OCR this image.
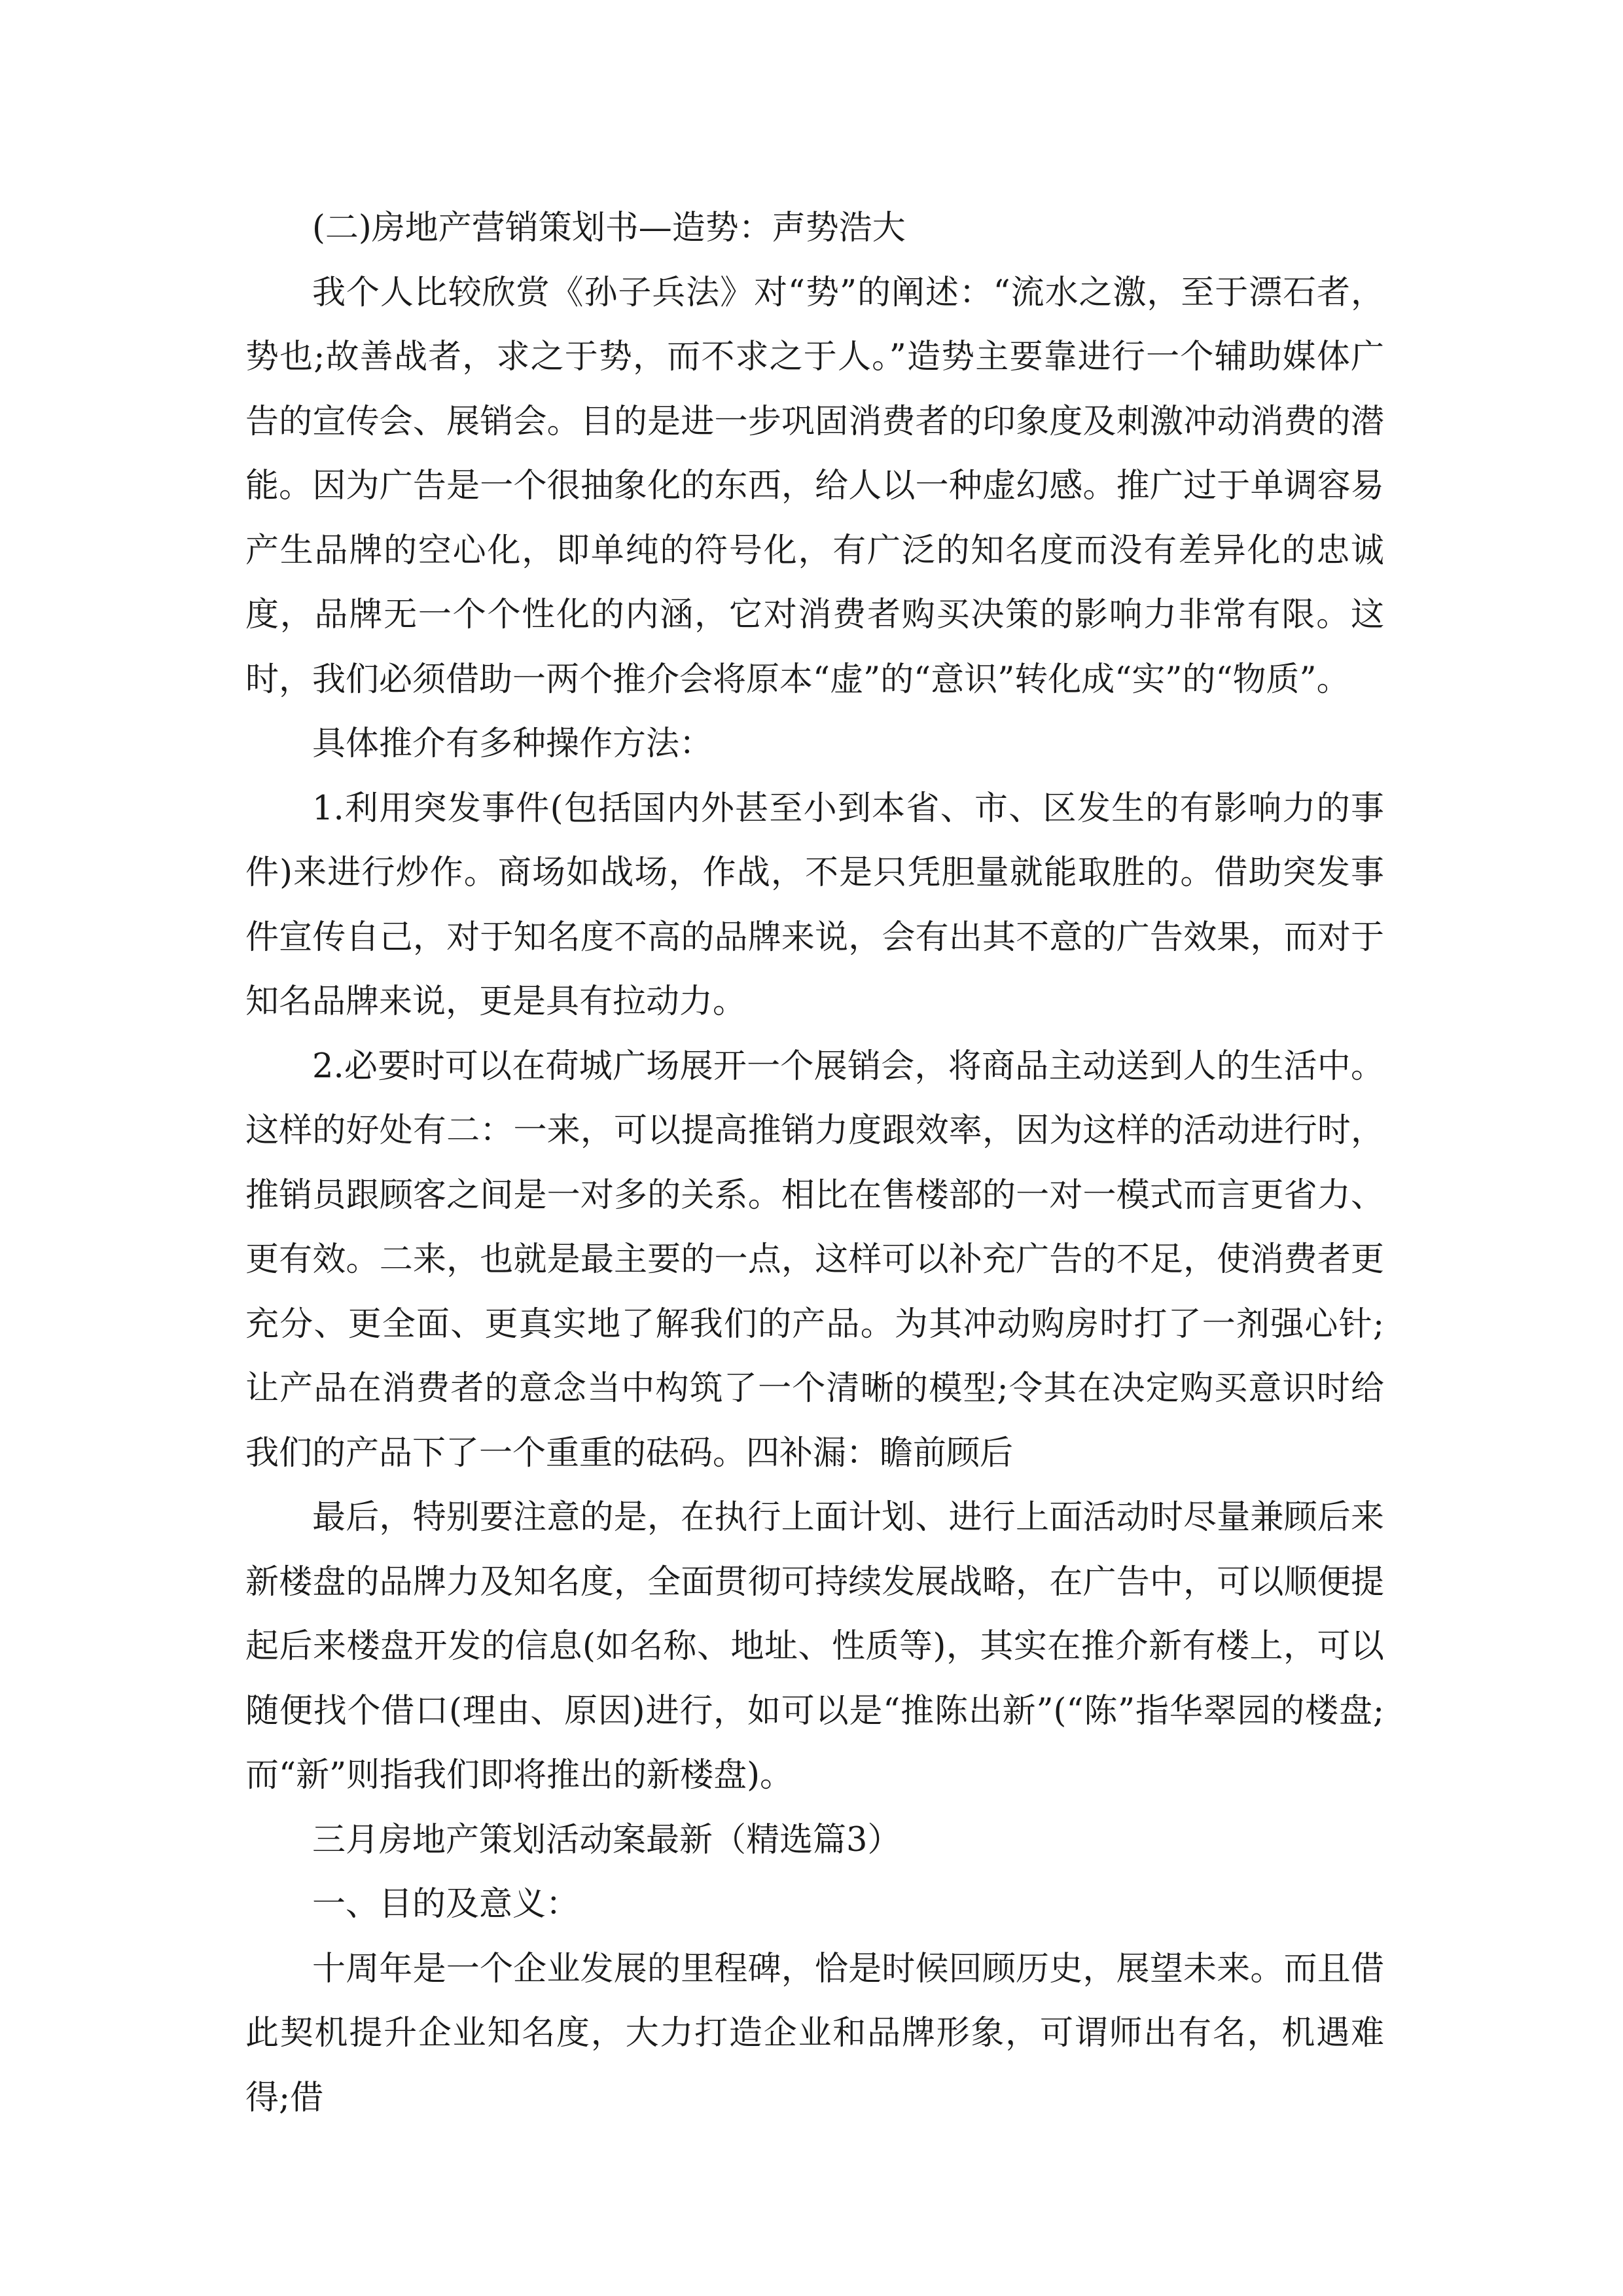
(二)房地产营销策划书—造势：声势浩大

我个人比较欣赏《孙子兵法》对“势”的阐述：“流水之激，至于漂石者，势也;故善战者，求之于势，而不求之于人。”造势主要靠进行一个辅助媒体广告的宣传会、展销会。目的是进一步巩固消费者的印象度及刺激冲动消费的潜能。因为广告是一个很抽象化的东西，给人以一种虚幻感。推广过于单调容易产生品牌的空心化，即单纯的符号化，有广泛的知名度而没有差异化的忠诚度，品牌无一个个性化的内涵，它对消费者购买决策的影响力非常有限。这时，我们必须借助一两个推介会将原本“虚”的“意识”转化成“实”的“物质”。

具体推介有多种操作方法：

1.利用突发事件(包括国内外甚至小到本省、市、区发生的有影响力的事件)来进行炒作。商场如战场，作战，不是只凭胆量就能取胜的。借助突发事件宣传自己，对于知名度不高的品牌来说，会有出其不意的广告效果，而对于知名品牌来说，更是具有拉动力。

2.必要时可以在荷城广场展开一个展销会，将商品主动送到人的生活中。这样的好处有二：一来，可以提高推销力度跟效率，因为这样的活动进行时，推销员跟顾客之间是一对多的关系。相比在售楼部的一对一模式而言更省力、更有效。二来，也就是最主要的一点，这样可以补充广告的不足，使消费者更充分、更全面、更真实地了解我们的产品。为其冲动购房时打了一剂强心针;让产品在消费者的意念当中构筑了一个清晰的模型;令其在决定购买意识时给我们的产品下了一个重重的砝码。四补漏：瞻前顾后

最后，特别要注意的是，在执行上面计划、进行上面活动时尽量兼顾后来新楼盘的品牌力及知名度，全面贯彻可持续发展战略，在广告中，可以顺便提起后来楼盘开发的信息(如名称、地址、性质等)，其实在推介新有楼上，可以随便找个借口(理由、原因)进行，如可以是“推陈出新”(“陈”指华翠园的楼盘;而“新”则指我们即将推出的新楼盘)。

三月房地产策划活动案最新（精选篇3）

一、目的及意义：

十周年是一个企业发展的里程碑，恰是时候回顾历史，展望未来。而且借此契机提升企业知名度，大力打造企业和品牌形象，可谓师出有名，机遇难得;借
